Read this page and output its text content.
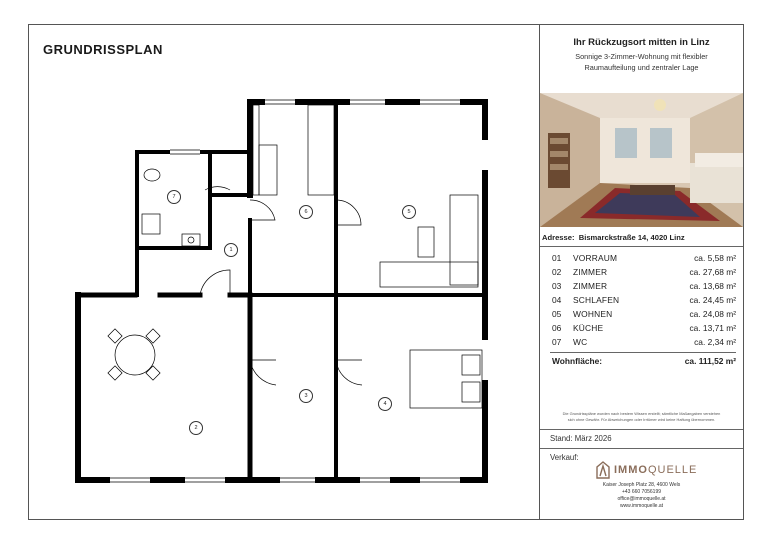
GRUNDRISSPLAN
1
2
3
4
5
6
7
Ihr Rückzugsort mitten in Linz
Sonnige 3-Zimmer-Wohnung mit flexibler
Raumaufteilung und zentraler Lage
Adresse: Bismarckstraße 14, 4020 Linz
01 VORRAUM	ca. 5,58 m²
02 ZIMMER	ca. 27,68 m²
03 ZIMMER	ca. 13,68 m²
04 SCHLAFEN	ca. 24,45 m²
05 WOHNEN	ca. 24,08 m²
06 KÜCHE	ca. 13,71 m²
07 WC	ca. 2,34 m²
Wohnfläche:	ca. 111,52 m²
Die Grundrisspläne wurden nach bestem Wissen erstellt; sämtliche Maßangaben verstehen
sich ohne Gewähr. Für Abweichungen oder Irrtümer wird keine Haftung übernommen.
Stand: März 2026
Verkauf:
IMMOQUELLE
Kaiser Joseph Platz 28, 4600 Wels
+43 660 7056199
office@immoquelle.at
www.immoquelle.at
